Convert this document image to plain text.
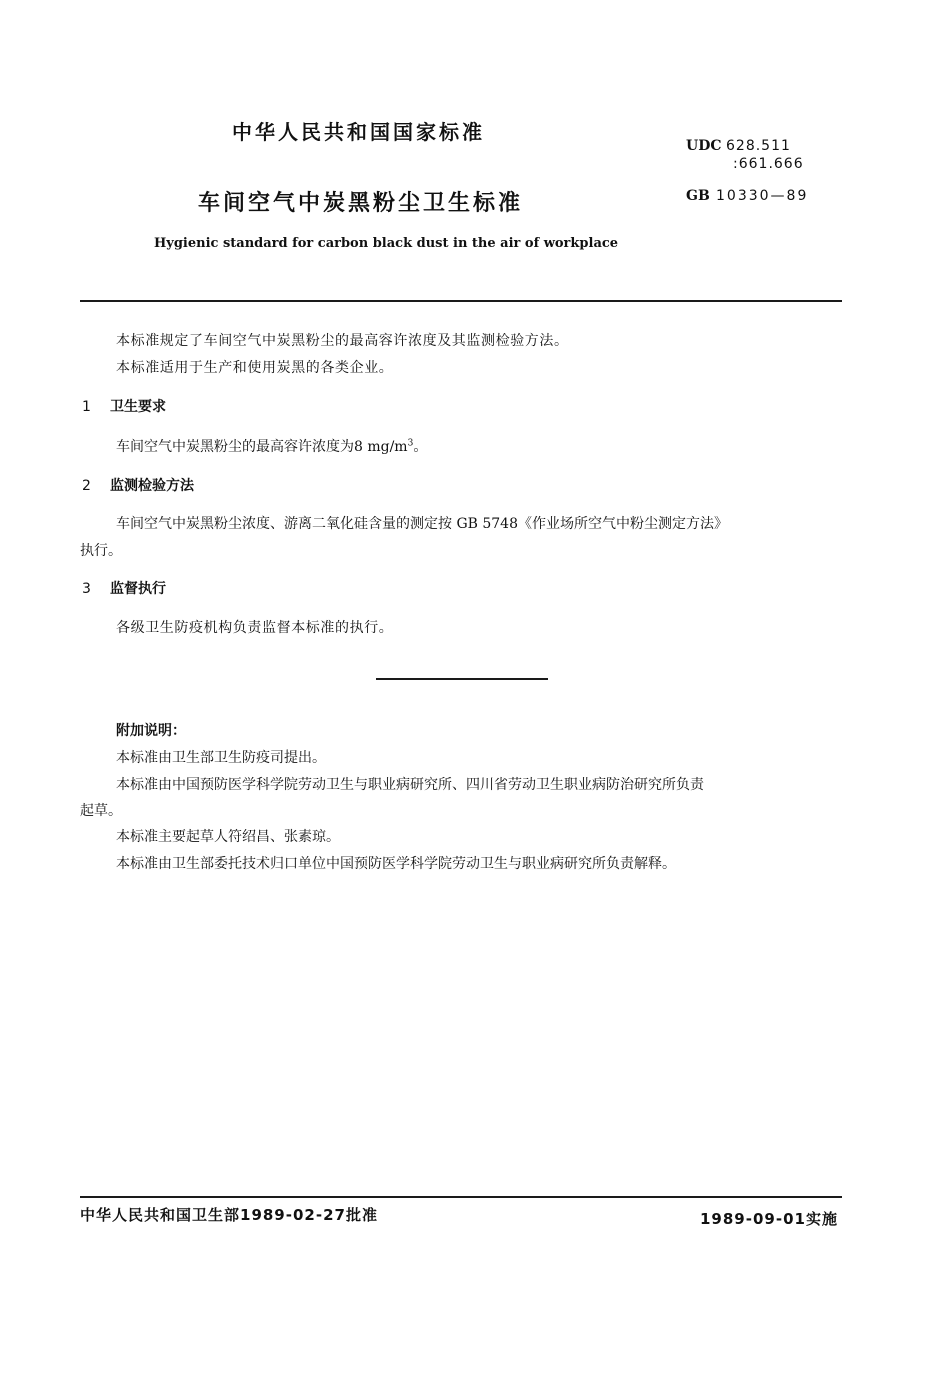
中华人民共和国国家标准
UDC 628.511
:661.666
车间空气中炭黑粉尘卫生标准	GB 10330—89
Hygienic standard for carbon black dust in the air of workplace
本标准规定了车间空气中炭黑粉尘的最高容许浓度及其监测检验方法。
本标准适用于生产和使用炭黑的各类企业。
1 卫生要求
车间空气中炭黑粉尘的最高容许浓度为8 $mg/m^3$。
2 监测检验方法
车间空气中炭黑粉尘浓度、游离二氧化硅含量的测定按 GB 5748《作业场所空气中粉尘测定方法》
执行。
3 监督执行
各级卫生防疫机构负责监督本标准的执行。
附加说明：
本标准由卫生部卫生防疫司提出。
本标准由中国预防医学科学院劳动卫生与职业病研究所、四川省劳动卫生职业病防治研究所负责
起草。
本标准主要起草人符绍昌、张素琼。
本标准由卫生部委托技术归口单位中国预防医学科学院劳动卫生与职业病研究所负责解释。
中华人民共和国卫生部1989-02-27批准	1989-09-01实施
